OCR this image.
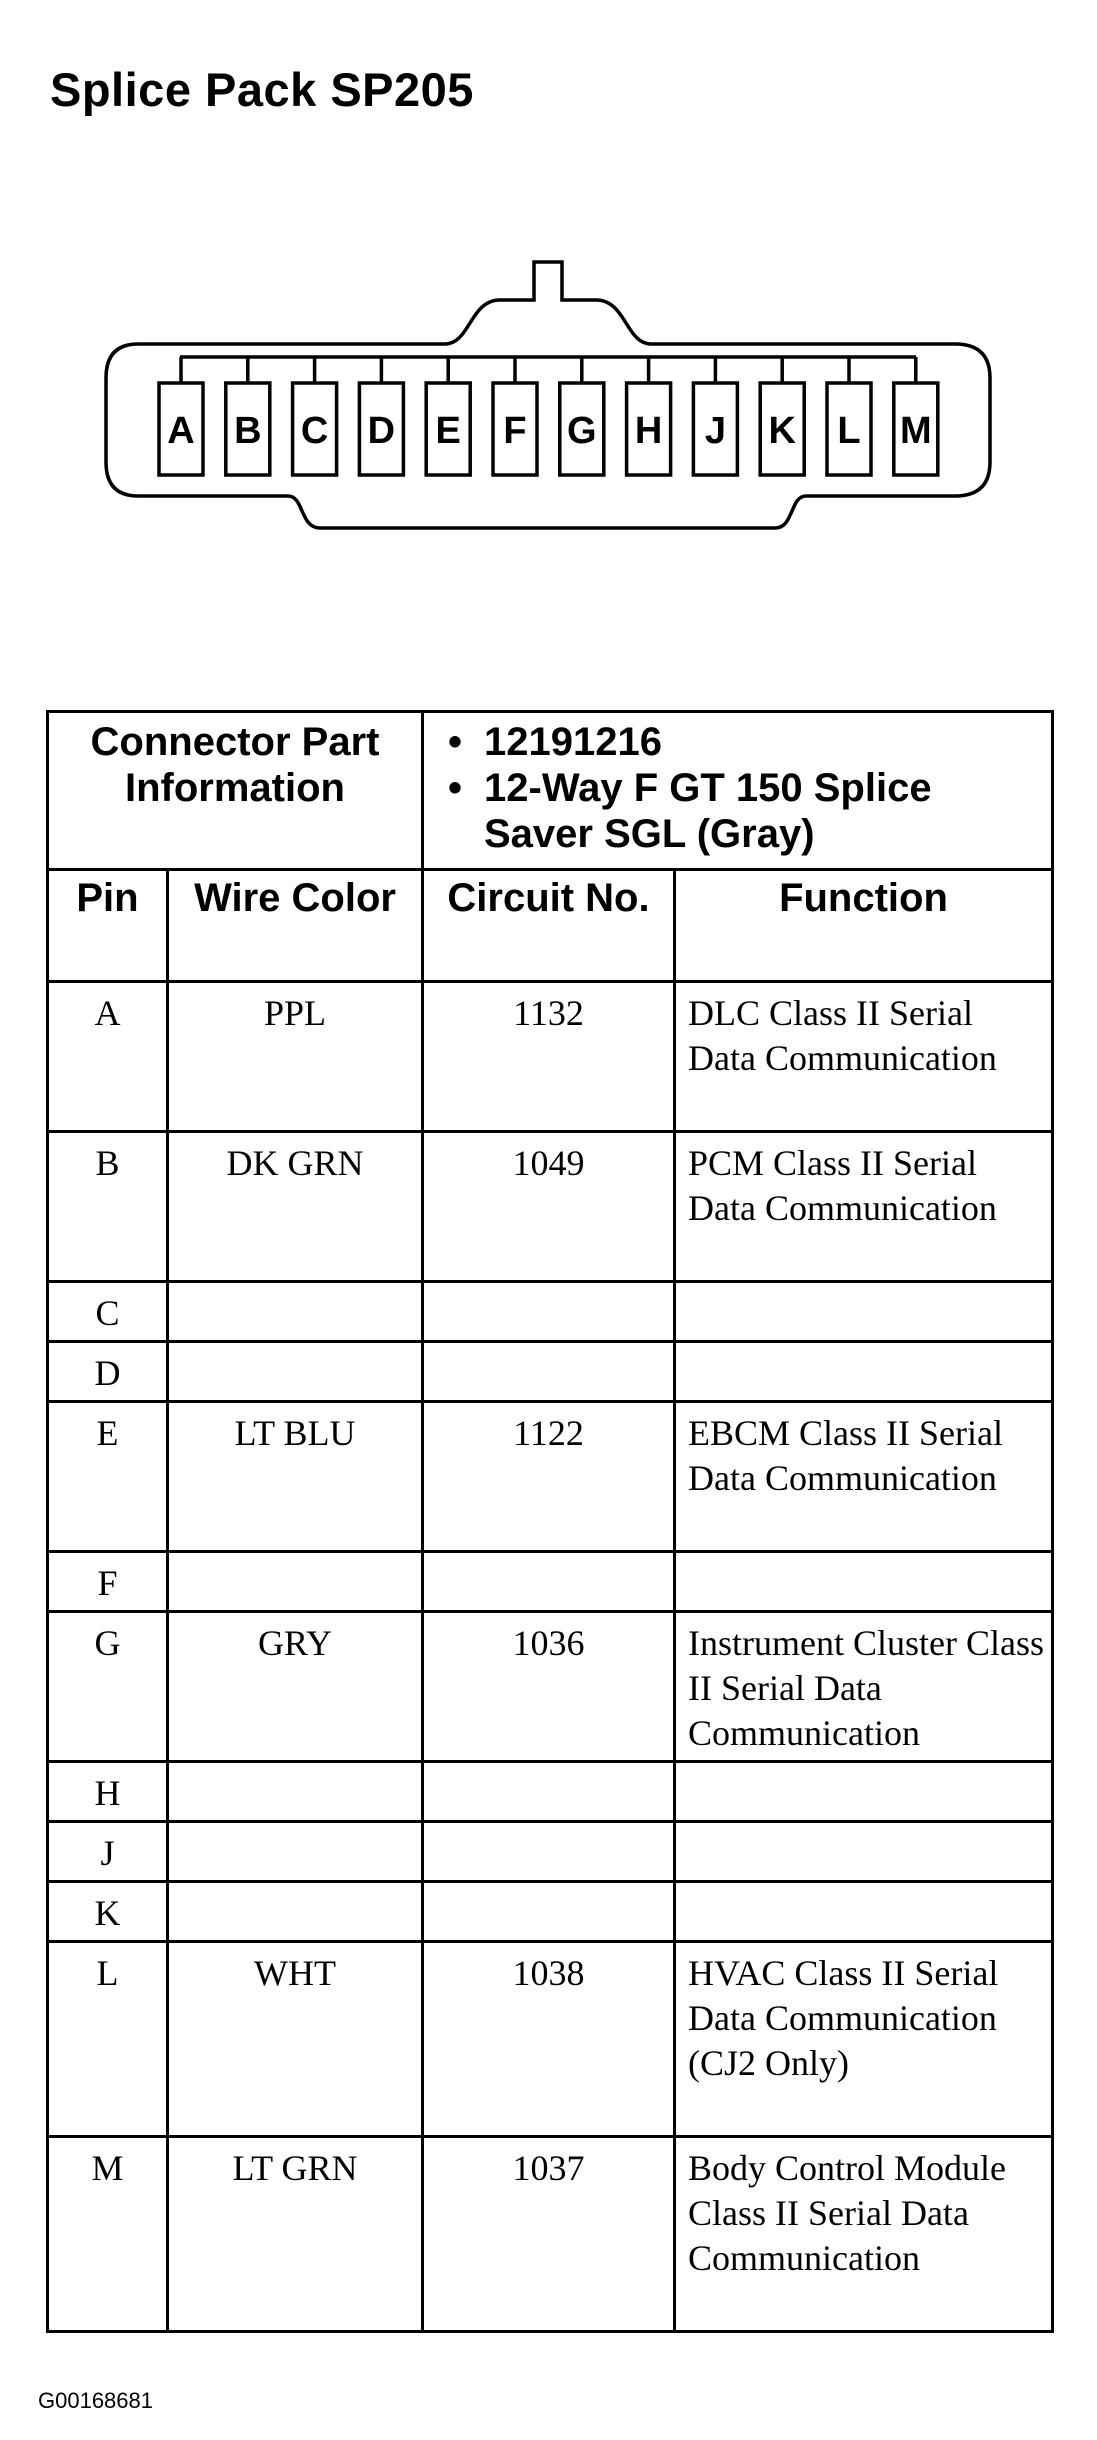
Splice Pack SP205
A B C D E F G H J K L M
Connector Part Information		• 12191216
• 12-Way F GT 150 Splice Saver SGL (Gray)	

Pin	Wire Color	Circuit No.	Function
A	PPL	1132	DLC Class II Serial Data Communication
B	DK GRN	1049	PCM Class II Serial Data Communication
C			
D			
E	LT BLU	1122	EBCM Class II Serial Data Communication
F			
G	GRY	1036	Instrument Cluster Class II Serial Data Communication
H			
J			
K			
L	WHT	1038	HVAC Class II Serial Data Communication (CJ2 Only)
M	LT GRN	1037	Body Control Module Class II Serial Data Communication
G00168681
